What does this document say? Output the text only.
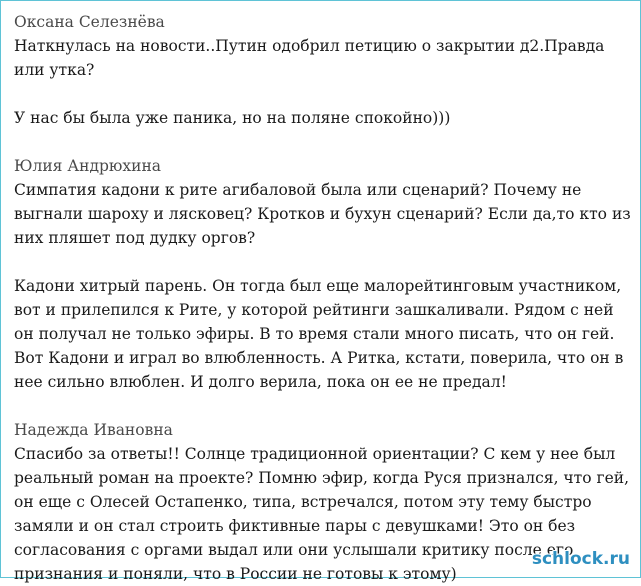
Оксана Селезнёва

Наткнулась на новости..Путин одобрил петицию о закрытии д2.Правда или утка?

У нас бы была уже паника, но на поляне спокойно)))

Юлия Андрюхина

Симпатия кадони к рите агибаловой была или сценарий? Почему не выгнали шароху и лясковец? Кротков и бухун сценарий? Если да,то кто из них пляшет под дудку оргов?

Кадони хитрый парень. Он тогда был еще малорейтинговым участником, вот и прилепился к Рите, у которой рейтинги зашкаливали. Рядом с ней он получал не только эфиры. В то время стали много писать, что он гей. Вот Кадони и играл во влюбленность. А Ритка, кстати, поверила, что он в нее сильно влюблен. И долго верила, пока он ее не предал!

Надежда Ивановна

Спасибо за ответы!! Солнце традиционной ориентации? С кем у нее был реальный роман на проекте? Помню эфир, когда Руся признался, что гей, он еще с Олесей Остапенко, типа, встречался, потом эту тему быстро замяли и он стал строить фиктивные пары с девушками! Это он без согласования с оргами выдал или они услышали критику после его признания и поняли, что в России не готовы к этому)

schlock.ru
